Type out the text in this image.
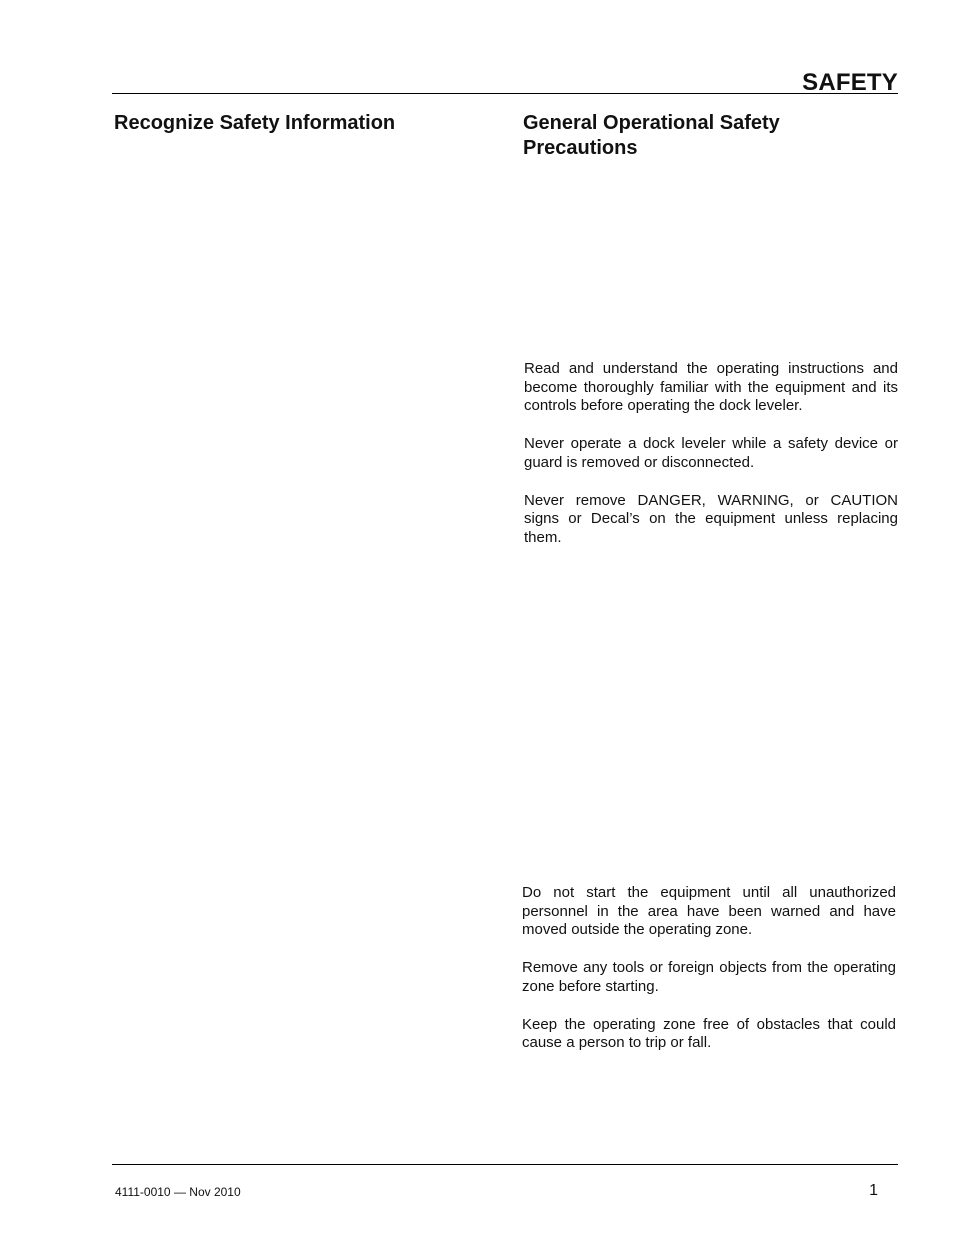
SAFETY
Recognize Safety Information	General Operational Safety
Precautions

Read and understand the operating instructions and become thoroughly familiar with the equipment and its controls before operating the dock leveler.

Never operate a dock leveler while a safety device or guard is removed or disconnected.

Never remove DANGER, WARNING, or CAUTION signs or Decal’s on the equipment unless replacing them.

Do not start the equipment until all unauthorized personnel in the area have been warned and have moved outside the operating zone.

Remove any tools or foreign objects from the operating zone before starting.

Keep the operating zone free of obstacles that could cause a person to trip or fall.

4111-0010 — Nov 2010	1
